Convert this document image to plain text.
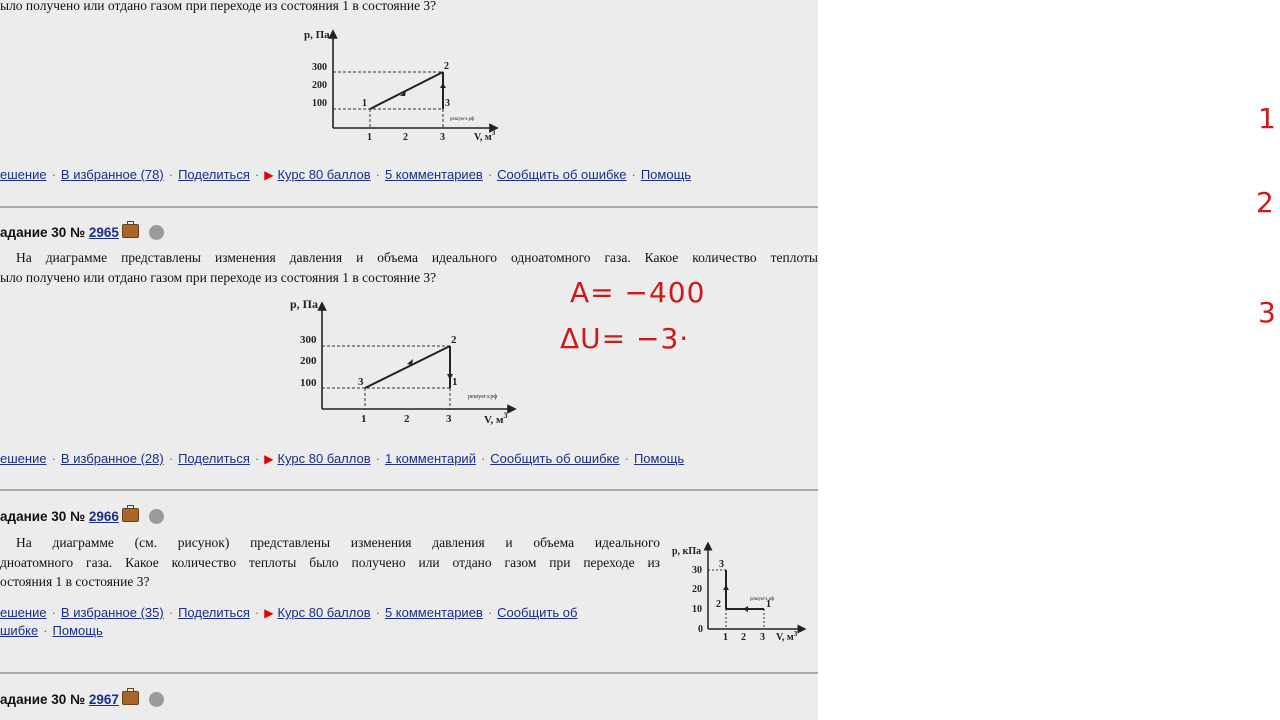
ыло получено или отдано газом при переходе из состояния 1 в состояние 3?
p, Па
300
200
100
1	2	3	V, $м^3$
1
2
3
решуегэ.рф
ешение · В избранное (78) · Поделиться · ▶ Курс 80 баллов · 5 комментариев · Сообщить об ошибке · Помощь
адание 30 № 2965
На диаграмме представлены изменения давления и объема идеального одноатомного газа. Какое количество теплоты
ыло получено или отдано газом при переходе из состояния 1 в состояние 3?
p, Па
300
200
100
1	2	3	V, $м^3$
3
2
1
решуегэ.рф
ешение · В избранное (28) · Поделиться · ▶ Курс 80 баллов · 1 комментарий · Сообщить об ошибке · Помощь
адание 30 № 2966
На диаграмме (см. рисунок) представлены изменения давления и объема идеального
дноатомного газа. Какое количество теплоты было получено или отдано газом при переходе из
остояния 1 в состояние 3?
ешение · В избранное (35) · Поделиться · ▶ Курс 80 баллов · 5 комментариев · Сообщить об
шибке · Помощь
p, кПа
30
20
10
0
1 2 3 V, $м^3$
3
2	1
решуегэ.рф
адание 30 № 2967
A= −400
ΔU= −3·
1
2
3
